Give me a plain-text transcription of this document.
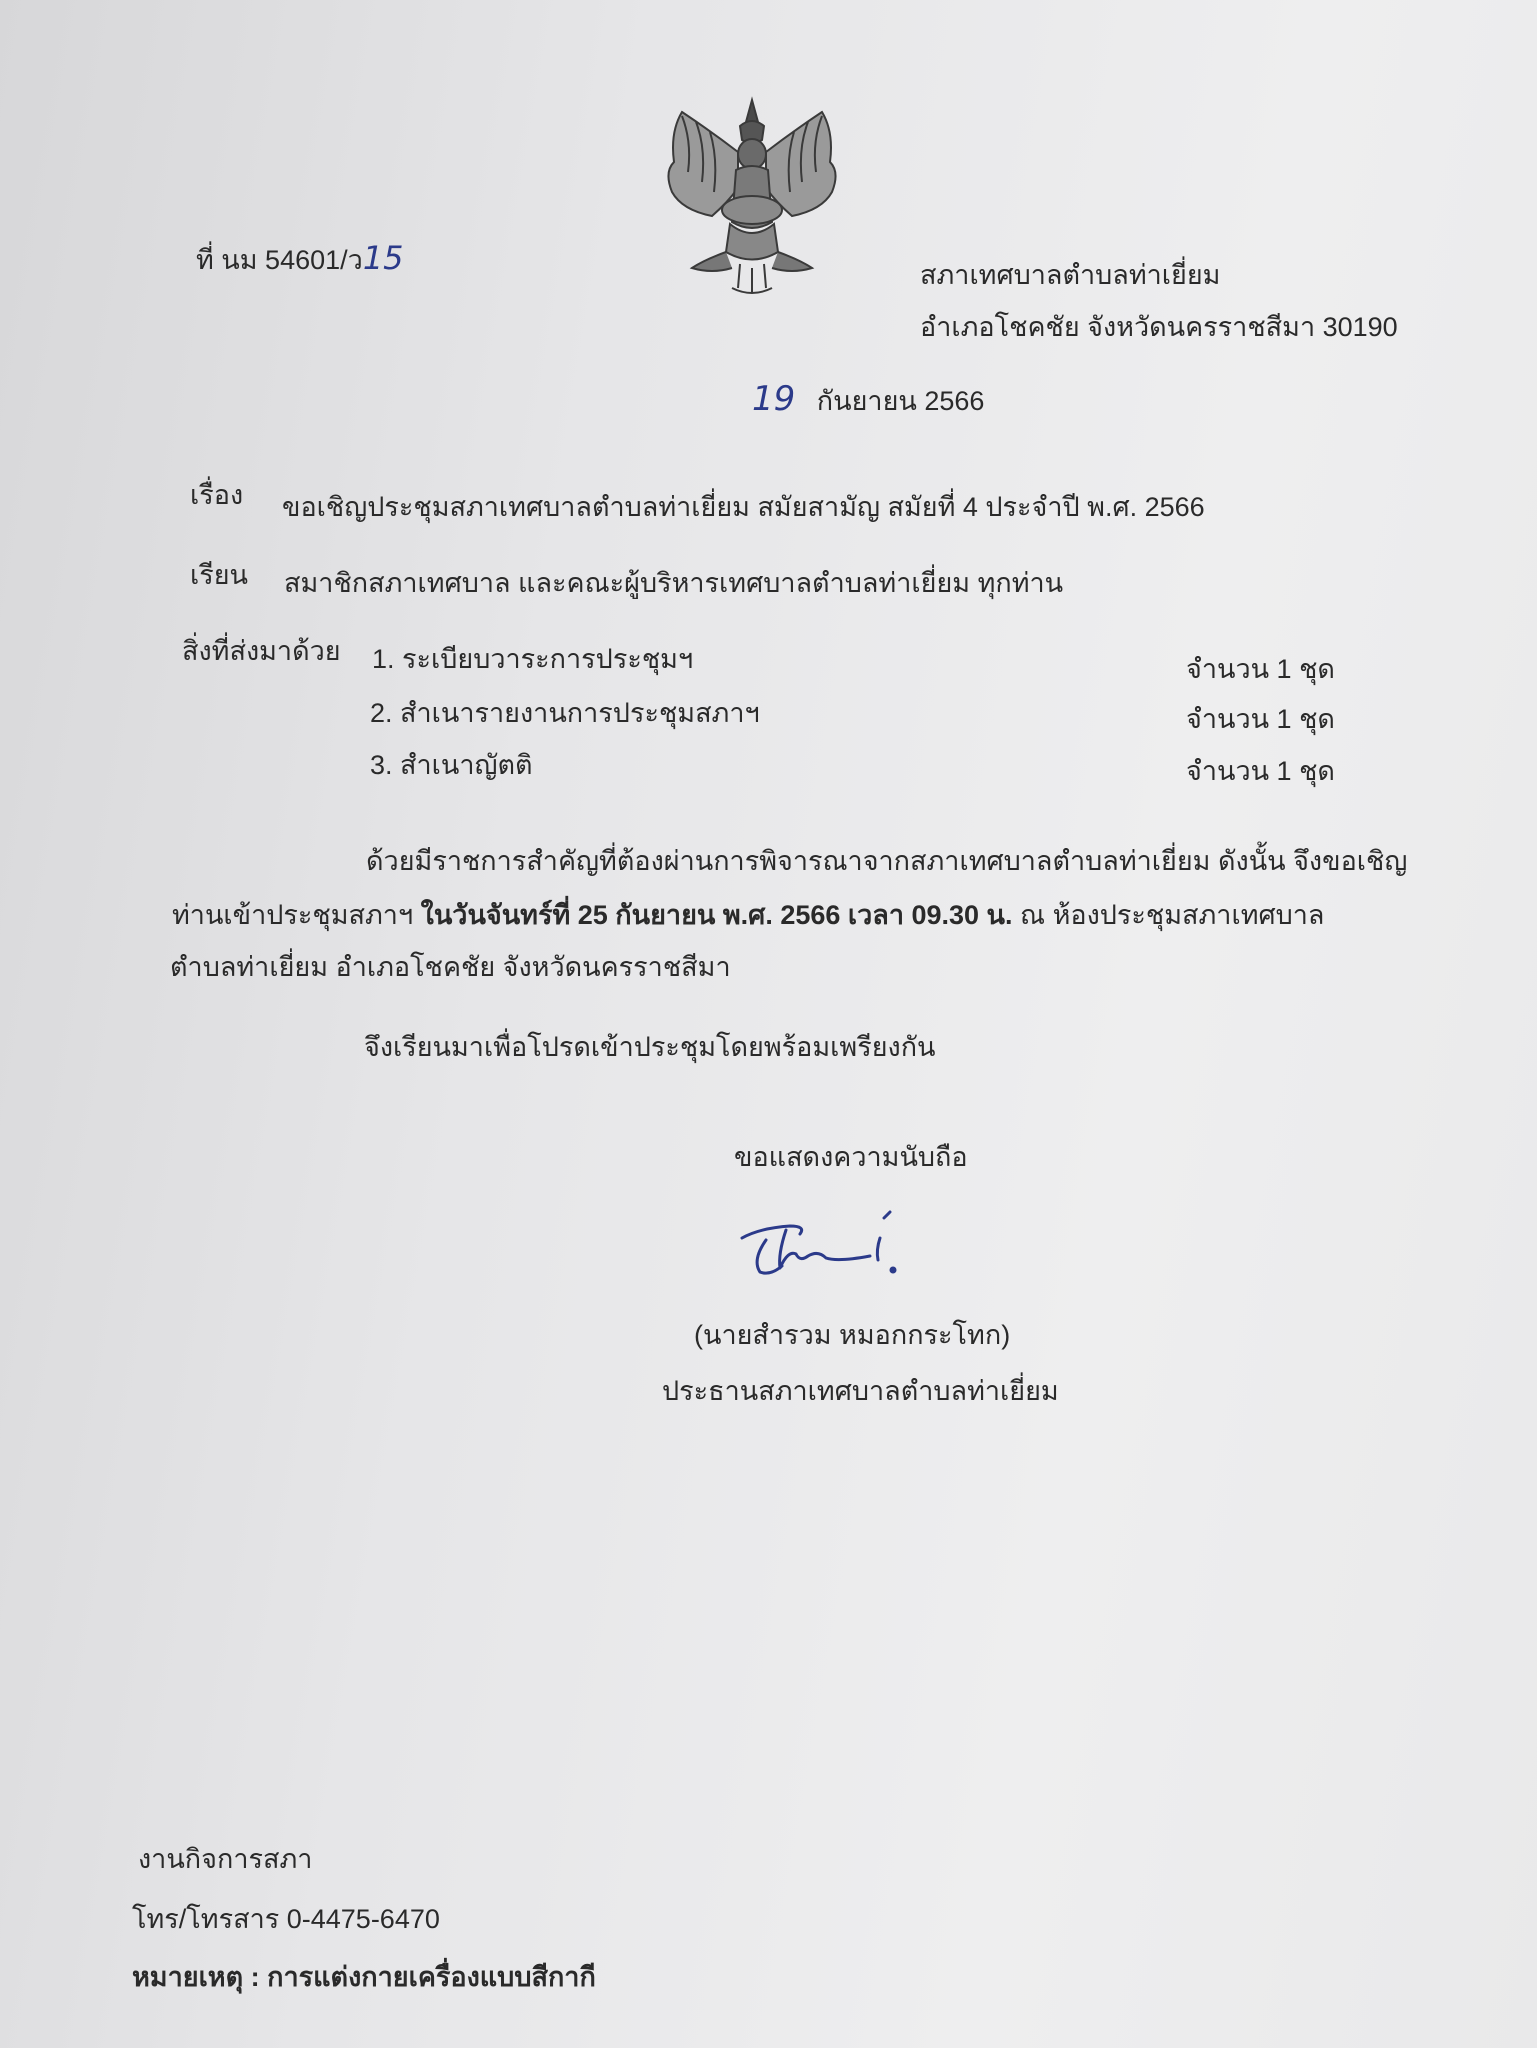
ที่ นม 54601/ว15	สภาเทศบาลตำบลท่าเยี่ยม
อำเภอโชคชัย จังหวัดนครราชสีมา 30190
19 กันยายน 2566
เรื่อง ขอเชิญประชุมสภาเทศบาลตำบลท่าเยี่ยม สมัยสามัญ สมัยที่ 4 ประจำปี พ.ศ. 2566
เรียน สมาชิกสภาเทศบาล และคณะผู้บริหารเทศบาลตำบลท่าเยี่ยม ทุกท่าน
สิ่งที่ส่งมาด้วย 1. ระเบียบวาระการประชุมฯ	จำนวน 1 ชุด
2. สำเนารายงานการประชุมสภาฯ	จำนวน 1 ชุด
3. สำเนาญัตติ	จำนวน 1 ชุด
ด้วยมีราชการสำคัญที่ต้องผ่านการพิจารณาจากสภาเทศบาลตำบลท่าเยี่ยม ดังนั้น จึงขอเชิญ
ท่านเข้าประชุมสภาฯ ในวันจันทร์ที่ 25 กันยายน พ.ศ. 2566 เวลา 09.30 น. ณ ห้องประชุมสภาเทศบาล
ตำบลท่าเยี่ยม อำเภอโชคชัย จังหวัดนครราชสีมา
จึงเรียนมาเพื่อโปรดเข้าประชุมโดยพร้อมเพรียงกัน
ขอแสดงความนับถือ
(นายสำรวม หมอกกระโทก)
ประธานสภาเทศบาลตำบลท่าเยี่ยม
งานกิจการสภา
โทร/โทรสาร 0-4475-6470
หมายเหตุ : การแต่งกายเครื่องแบบสีกากี
